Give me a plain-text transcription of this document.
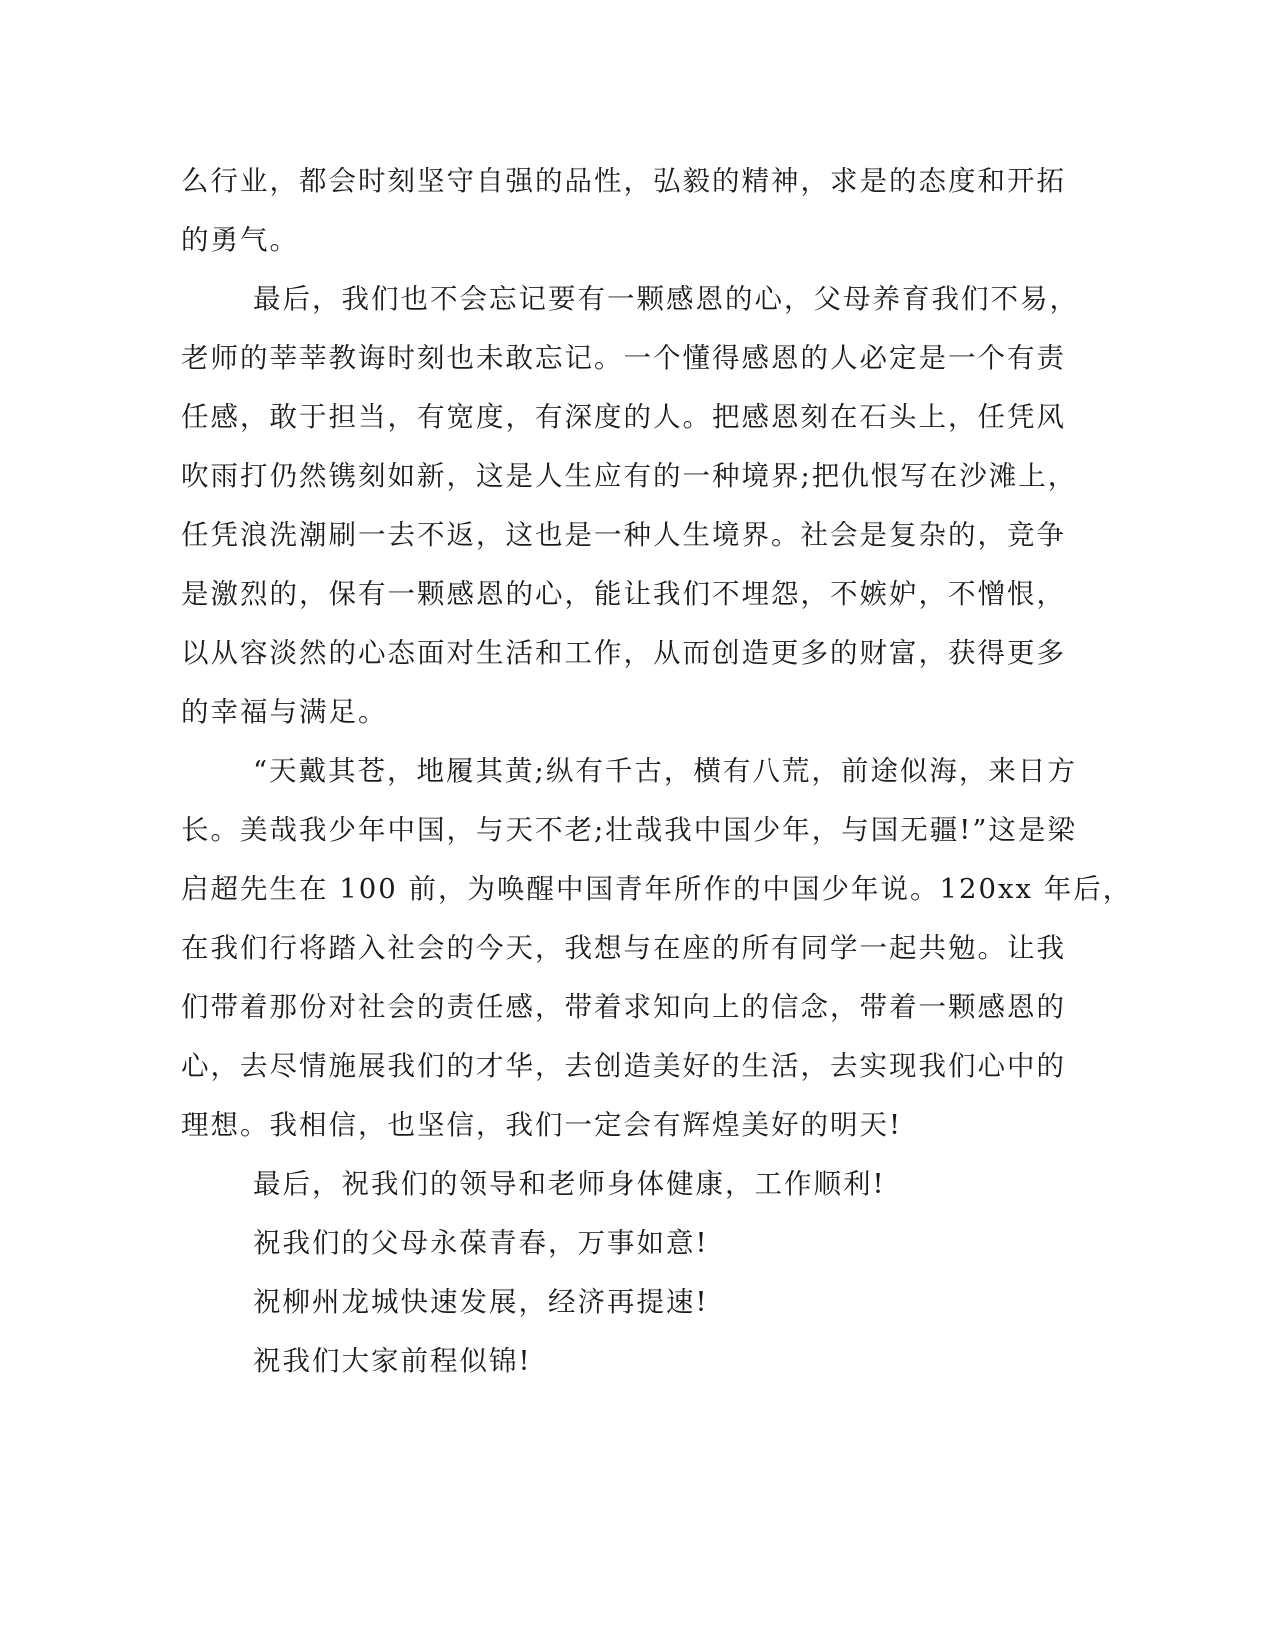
么行业，都会时刻坚守自强的品性，弘毅的精神，求是的态度和开拓
的勇气。

最后，我们也不会忘记要有一颗感恩的心，父母养育我们不易，
老师的莘莘教诲时刻也未敢忘记。一个懂得感恩的人必定是一个有责
任感，敢于担当，有宽度，有深度的人。把感恩刻在石头上，任凭风
吹雨打仍然镌刻如新，这是人生应有的一种境界;把仇恨写在沙滩上，
任凭浪洗潮刷一去不返，这也是一种人生境界。社会是复杂的，竞争
是激烈的，保有一颗感恩的心，能让我们不埋怨，不嫉妒，不憎恨，
以从容淡然的心态面对生活和工作，从而创造更多的财富，获得更多
的幸福与满足。

“天戴其苍，地履其黄;纵有千古，横有八荒，前途似海，来日方
长。美哉我少年中国，与天不老;壮哉我中国少年，与国无疆!”这是梁
启超先生在 100 前，为唤醒中国青年所作的中国少年说。120xx 年后，
在我们行将踏入社会的今天，我想与在座的所有同学一起共勉。让我
们带着那份对社会的责任感，带着求知向上的信念，带着一颗感恩的
心，去尽情施展我们的才华，去创造美好的生活，去实现我们心中的
理想。我相信，也坚信，我们一定会有辉煌美好的明天!

最后，祝我们的领导和老师身体健康，工作顺利!

祝我们的父母永葆青春，万事如意!

祝柳州龙城快速发展，经济再提速!

祝我们大家前程似锦!
